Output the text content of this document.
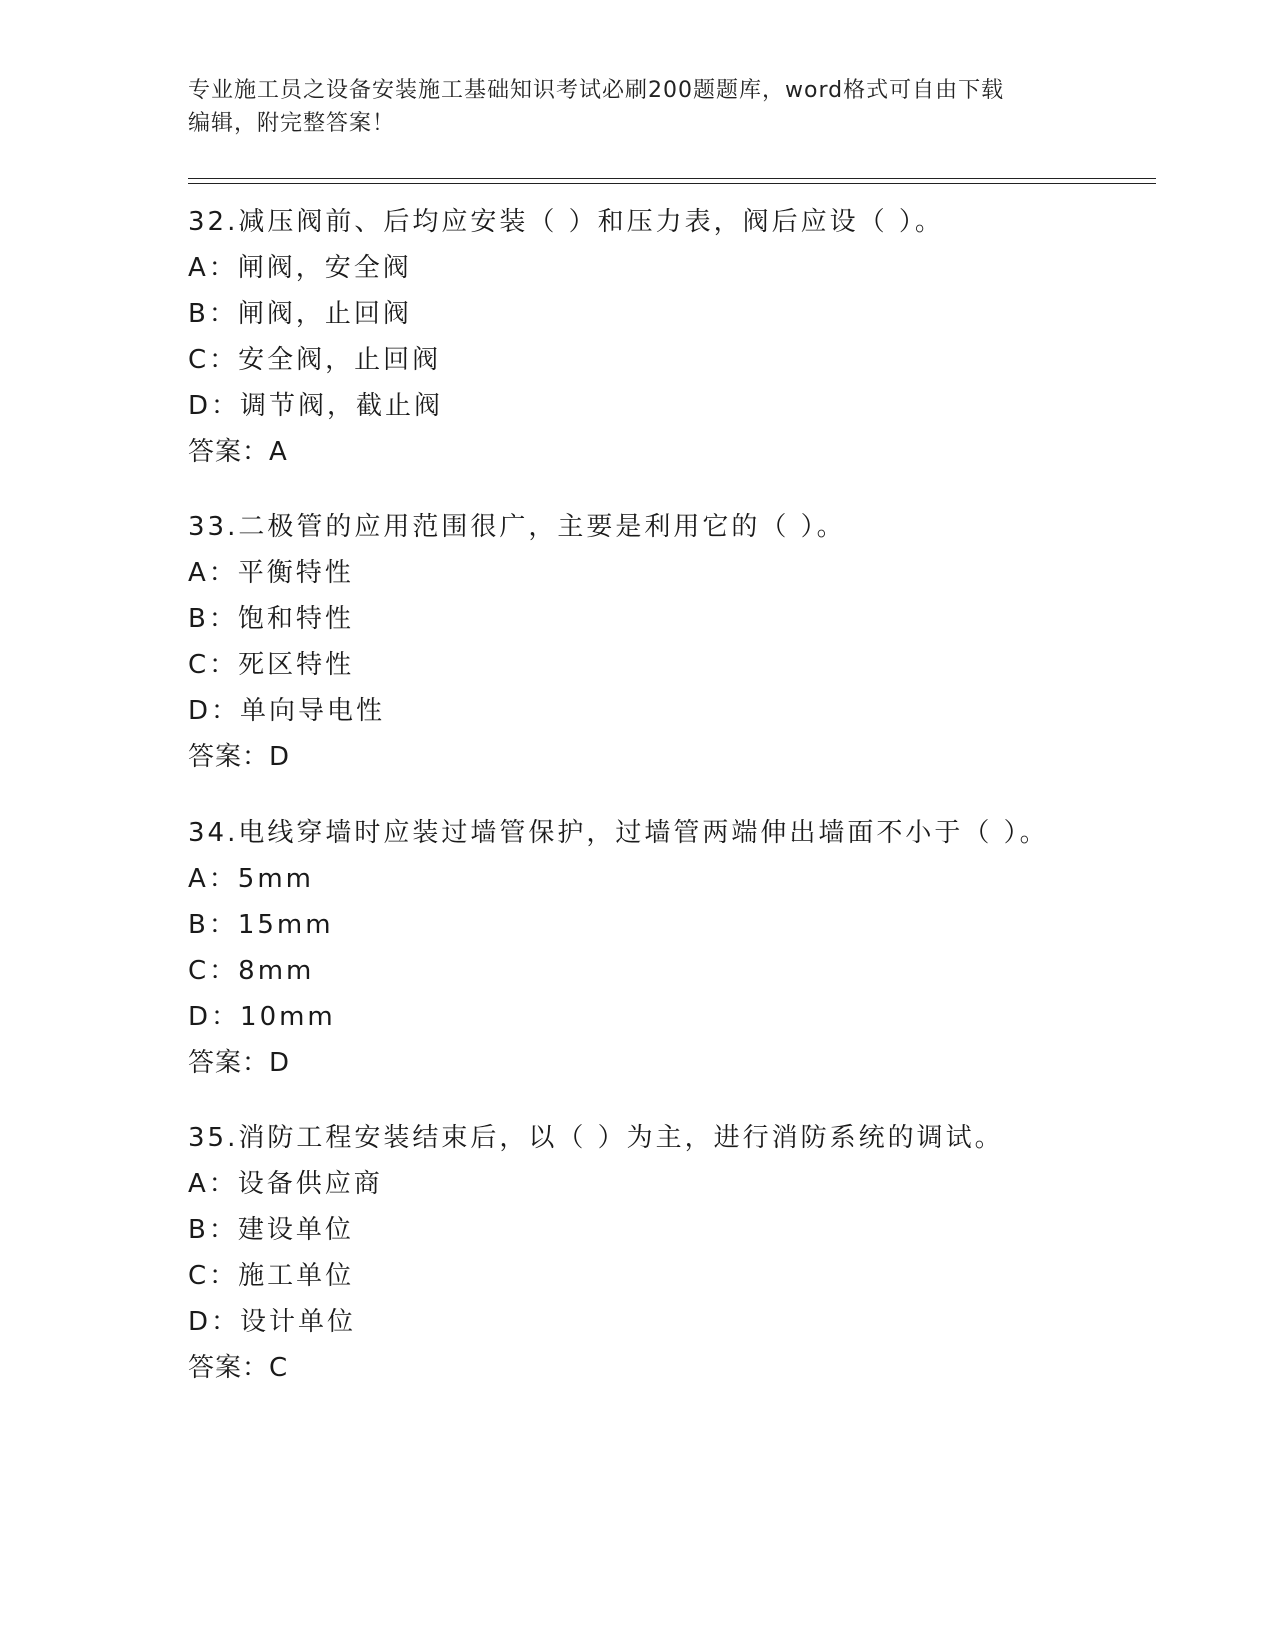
专业施工员之设备安装施工基础知识考试必刷200题题库，word格式可自由下载
编辑，附完整答案！
32.减压阀前、后均应安装（ ）和压力表，阀后应设（ ）。
A：闸阀，安全阀
B：闸阀，止回阀
C：安全阀，止回阀
D：调节阀，截止阀
答案：A
33.二极管的应用范围很广，主要是利用它的（ ）。
A：平衡特性
B：饱和特性
C：死区特性
D：单向导电性
答案：D
34.电线穿墙时应装过墙管保护，过墙管两端伸出墙面不小于（ ）。
A：5mm
B：15mm
C：8mm
D：10mm
答案：D
35.消防工程安装结束后，以（ ）为主，进行消防系统的调试。
A：设备供应商
B：建设单位
C：施工单位
D：设计单位
答案：C
